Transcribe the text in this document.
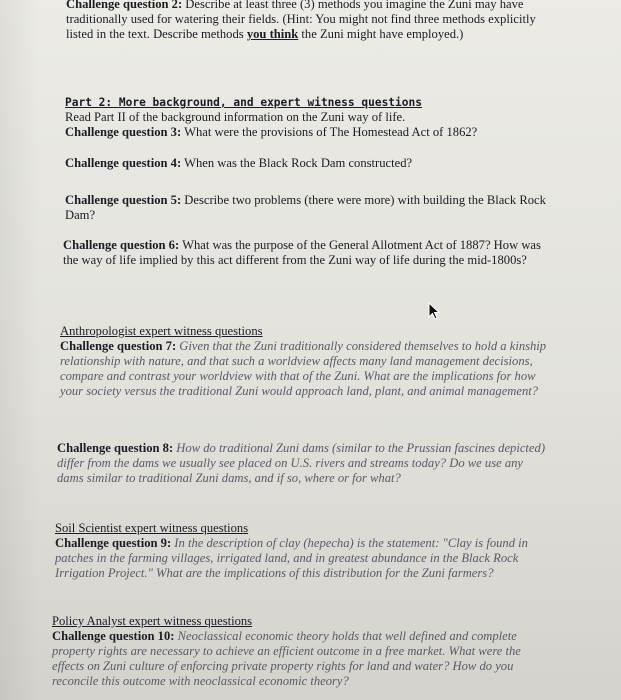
Challenge question 2: Describe at least three (3) methods you imagine the Zuni may have
traditionally used for watering their fields. (Hint: You might not find three methods explicitly
listed in the text. Describe methods you think the Zuni might have employed.)
Part 2: More background, and expert witness questions
Read Part II of the background information on the Zuni way of life.
Challenge question 3: What were the provisions of The Homestead Act of 1862?
Challenge question 4: When was the Black Rock Dam constructed?
Challenge question 5: Describe two problems (there were more) with building the Black Rock
Dam?
Challenge question 6: What was the purpose of the General Allotment Act of 1887? How was
the way of life implied by this act different from the Zuni way of life during the mid-1800s?
Anthropologist expert witness questions
Challenge question 7: Given that the Zuni traditionally considered themselves to hold a kinship
relationship with nature, and that such a worldview affects many land management decisions,
compare and contrast your worldview with that of the Zuni. What are the implications for how
your society versus the traditional Zuni would approach land, plant, and animal management?
Challenge question 8: How do traditional Zuni dams (similar to the Prussian fascines depicted)
differ from the dams we usually see placed on U.S. rivers and streams today? Do we use any
dams similar to traditional Zuni dams, and if so, where or for what?
Soil Scientist expert witness questions
Challenge question 9: In the description of clay (hepecha) is the statement: "Clay is found in
patches in the farming villages, irrigated land, and in greatest abundance in the Black Rock
Irrigation Project." What are the implications of this distribution for the Zuni farmers?
Policy Analyst expert witness questions
Challenge question 10: Neoclassical economic theory holds that well defined and complete
property rights are necessary to achieve an efficient outcome in a free market. What were the
effects on Zuni culture of enforcing private property rights for land and water? How do you
reconcile this outcome with neoclassical economic theory?
